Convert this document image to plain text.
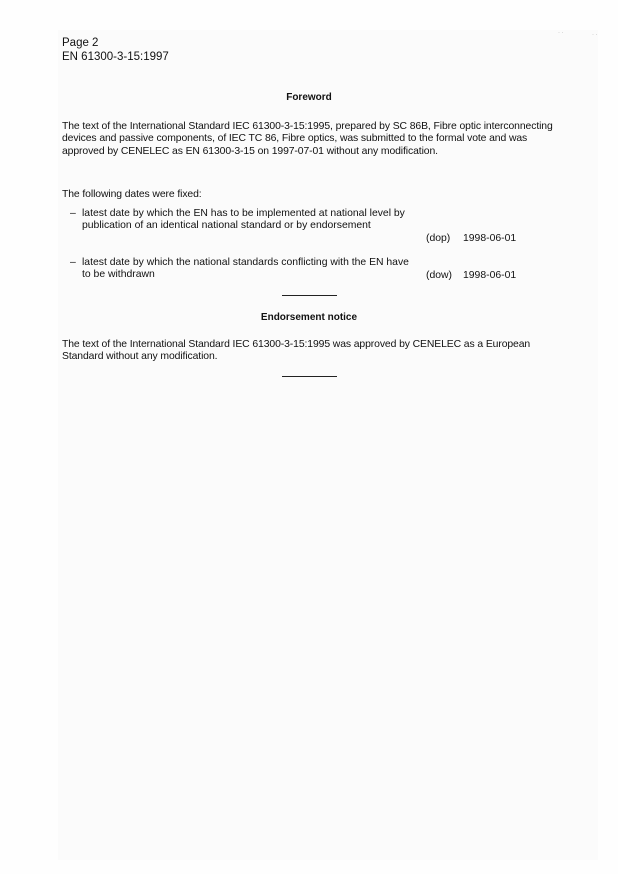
Page 2
EN 61300-3-15:1997
Foreword
The text of the International Standard IEC 61300-3-15:1995, prepared by SC 86B, Fibre optic interconnecting devices and passive components, of IEC TC 86, Fibre optics, was submitted to the formal vote and was approved by CENELEC as EN 61300-3-15 on 1997-07-01 without any modification.
The following dates were fixed:
– latest date by which the EN has to be implemented at national level by publication of an identical national standard or by endorsement
(dop) 1998-06-01
– latest date by which the national standards conflicting with the EN have to be withdrawn	(dow) 1998-06-01
Endorsement notice
The text of the International Standard IEC 61300-3-15:1995 was approved by CENELEC as a European Standard without any modification.
· ·	· ·
